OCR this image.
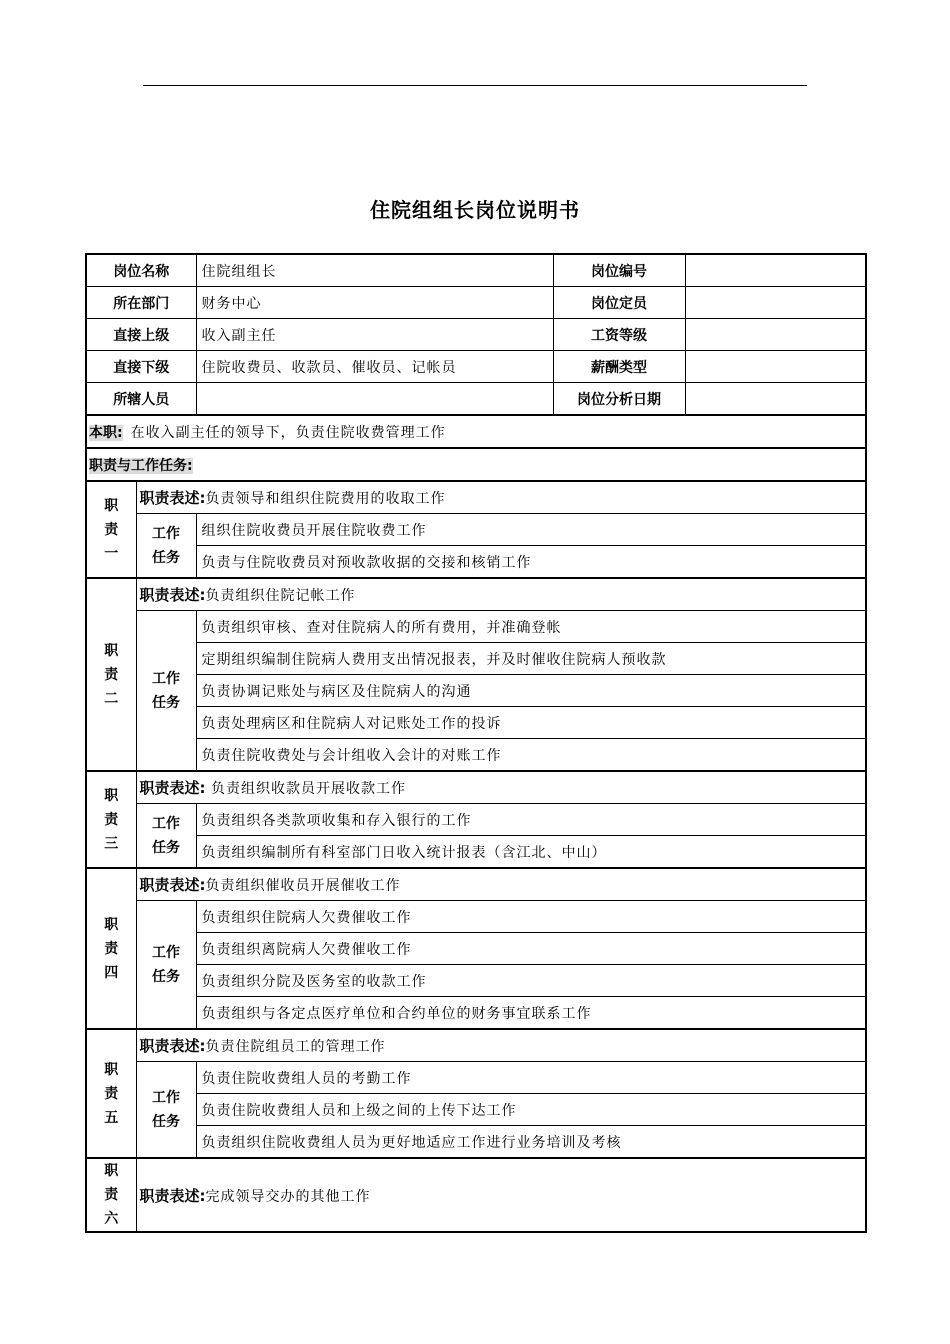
住院组组长岗位说明书
岗位名称		住院组组长	岗位编号	
所在部门		财务中心	岗位定员	
直接上级		收入副主任	工资等级	
直接下级		住院收费员、收款员、催收员、记帐员	薪酬类型	
所辖人员			岗位分析日期	
本职: 在收入副主任的领导下，负责住院收费管理工作				
职责与工作任务:				

职
责
一	职责表述:负责领导和组织住院费用的收取工作			

	工作
任务	组织住院收费员开展住院收费工作		
		负责与住院收费员对预收款收据的交接和核销工作		

职
责
二	职责表述:负责组织住院记帐工作			

	工作
任务	负责组织审核、查对住院病人的所有费用，并准确登帐		
		定期组织编制住院病人费用支出情况报表，并及时催收住院病人预收款		
		负责协调记账处与病区及住院病人的沟通		
		负责处理病区和住院病人对记账处工作的投诉		
		负责住院收费处与会计组收入会计的对账工作		

职
责
三	职责表述: 负责组织收款员开展收款工作			

	工作
任务	负责组织各类款项收集和存入银行的工作		
		负责组织编制所有科室部门日收入统计报表（含江北、中山）		

职
责
四	职责表述:负责组织催收员开展催收工作			

	工作
任务	负责组织住院病人欠费催收工作		
		负责组织离院病人欠费催收工作		
		负责组织分院及医务室的收款工作		
		负责组织与各定点医疗单位和合约单位的财务事宜联系工作		

职
责
五	职责表述:负责住院组员工的管理工作			

	工作
任务	负责住院收费组人员的考勤工作		
		负责住院收费组人员和上级之间的上传下达工作		
		负责组织住院收费组人员为更好地适应工作进行业务培训及考核		

职
责
六	职责表述:完成领导交办的其他工作			
